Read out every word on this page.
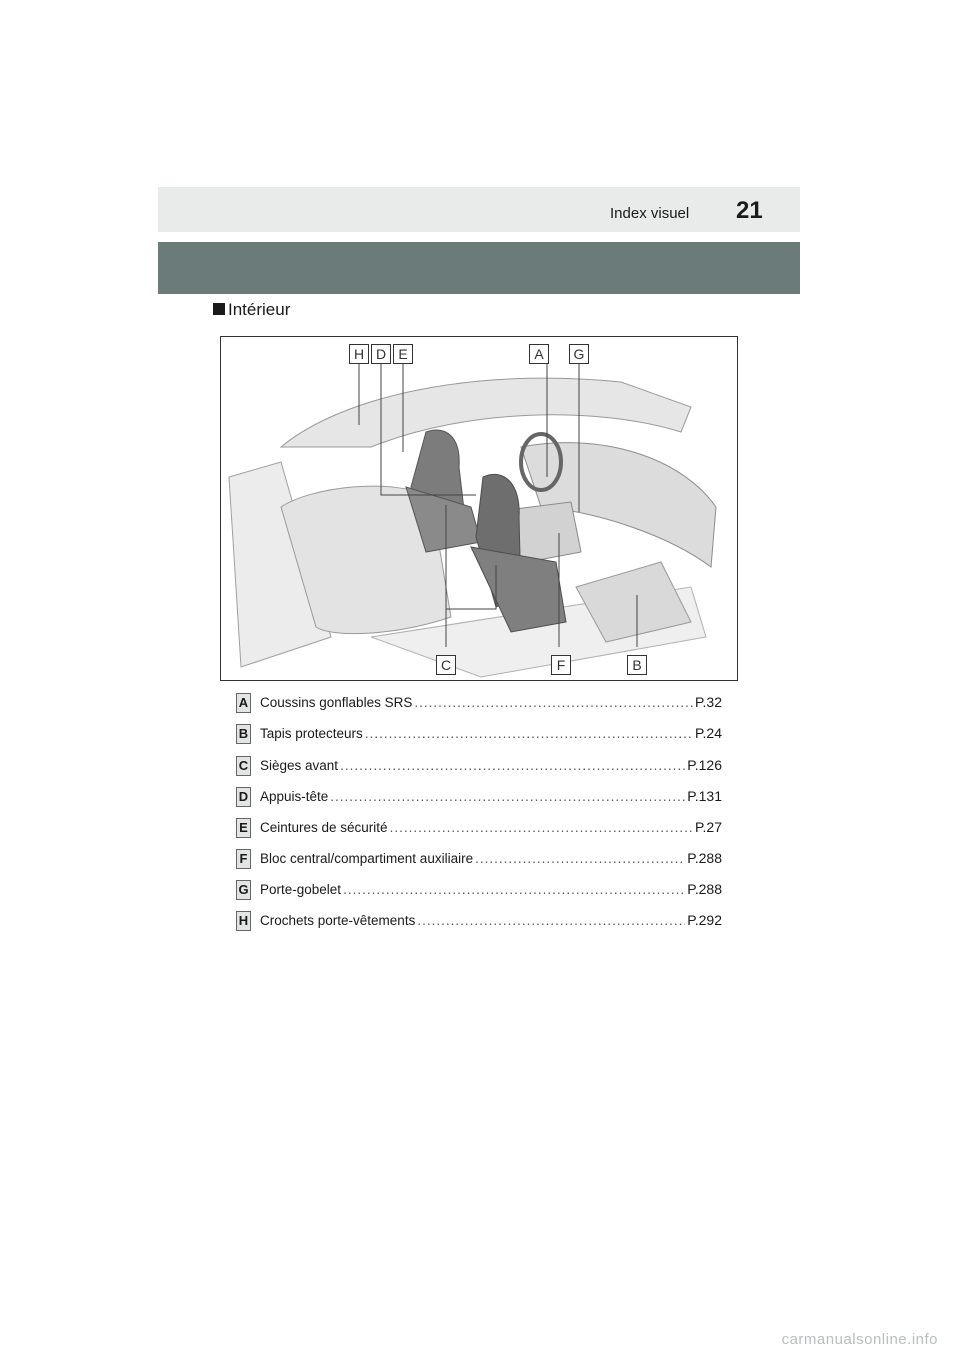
Index visuel 21
Intérieur
H D E	A	G
C	F	B
A Coussins gonflables SRS .....	P.32
B Tapis protecteurs .....	P.24
C Sièges avant .....	P.126
D Appuis-tête .....	P.131
E Ceintures de sécurité .....	P.27
F Bloc central/compartiment auxiliaire .....	P.288
G Porte-gobelet .....	P.288
H Crochets porte-vêtements .....	P.292
carmanualsonline.info
